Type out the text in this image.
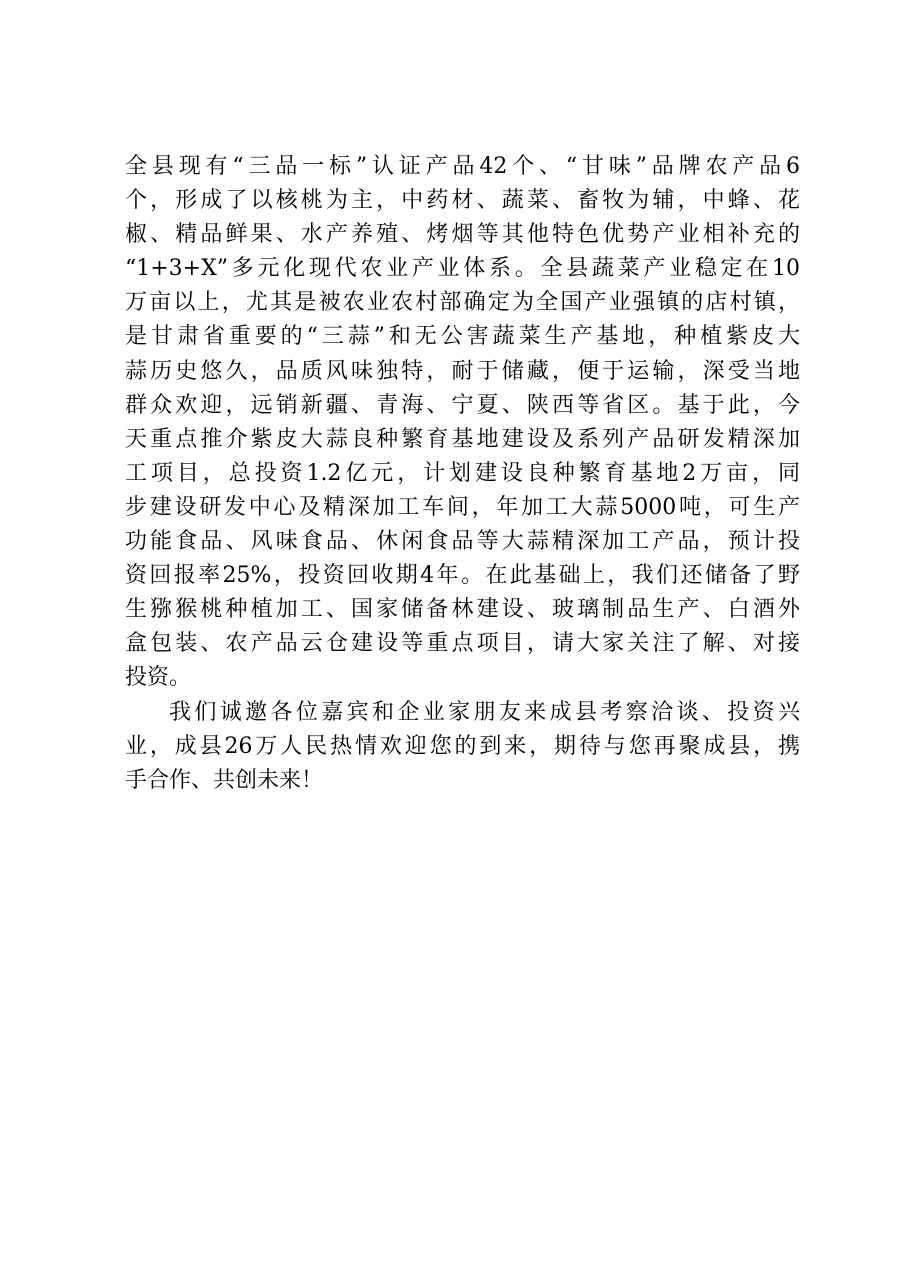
全县现有“三品一标”认证产品42个、“甘味”品牌农产品6
个，形成了以核桃为主，中药材、蔬菜、畜牧为辅，中蜂、花
椒、精品鲜果、水产养殖、烤烟等其他特色优势产业相补充的
“1+3+X”多元化现代农业产业体系。全县蔬菜产业稳定在10
万亩以上，尤其是被农业农村部确定为全国产业强镇的店村镇，
是甘肃省重要的“三蒜”和无公害蔬菜生产基地，种植紫皮大
蒜历史悠久，品质风味独特，耐于储藏，便于运输，深受当地
群众欢迎，远销新疆、青海、宁夏、陕西等省区。基于此，今
天重点推介紫皮大蒜良种繁育基地建设及系列产品研发精深加
工项目，总投资1.2亿元，计划建设良种繁育基地2万亩，同
步建设研发中心及精深加工车间，年加工大蒜5000吨，可生产
功能食品、风味食品、休闲食品等大蒜精深加工产品，预计投
资回报率25%，投资回收期4年。在此基础上，我们还储备了野
生猕猴桃种植加工、国家储备林建设、玻璃制品生产、白酒外
盒包装、农产品云仓建设等重点项目，请大家关注了解、对接
投资。
我们诚邀各位嘉宾和企业家朋友来成县考察洽谈、投资兴
业，成县26万人民热情欢迎您的到来，期待与您再聚成县，携
手合作、共创未来！
